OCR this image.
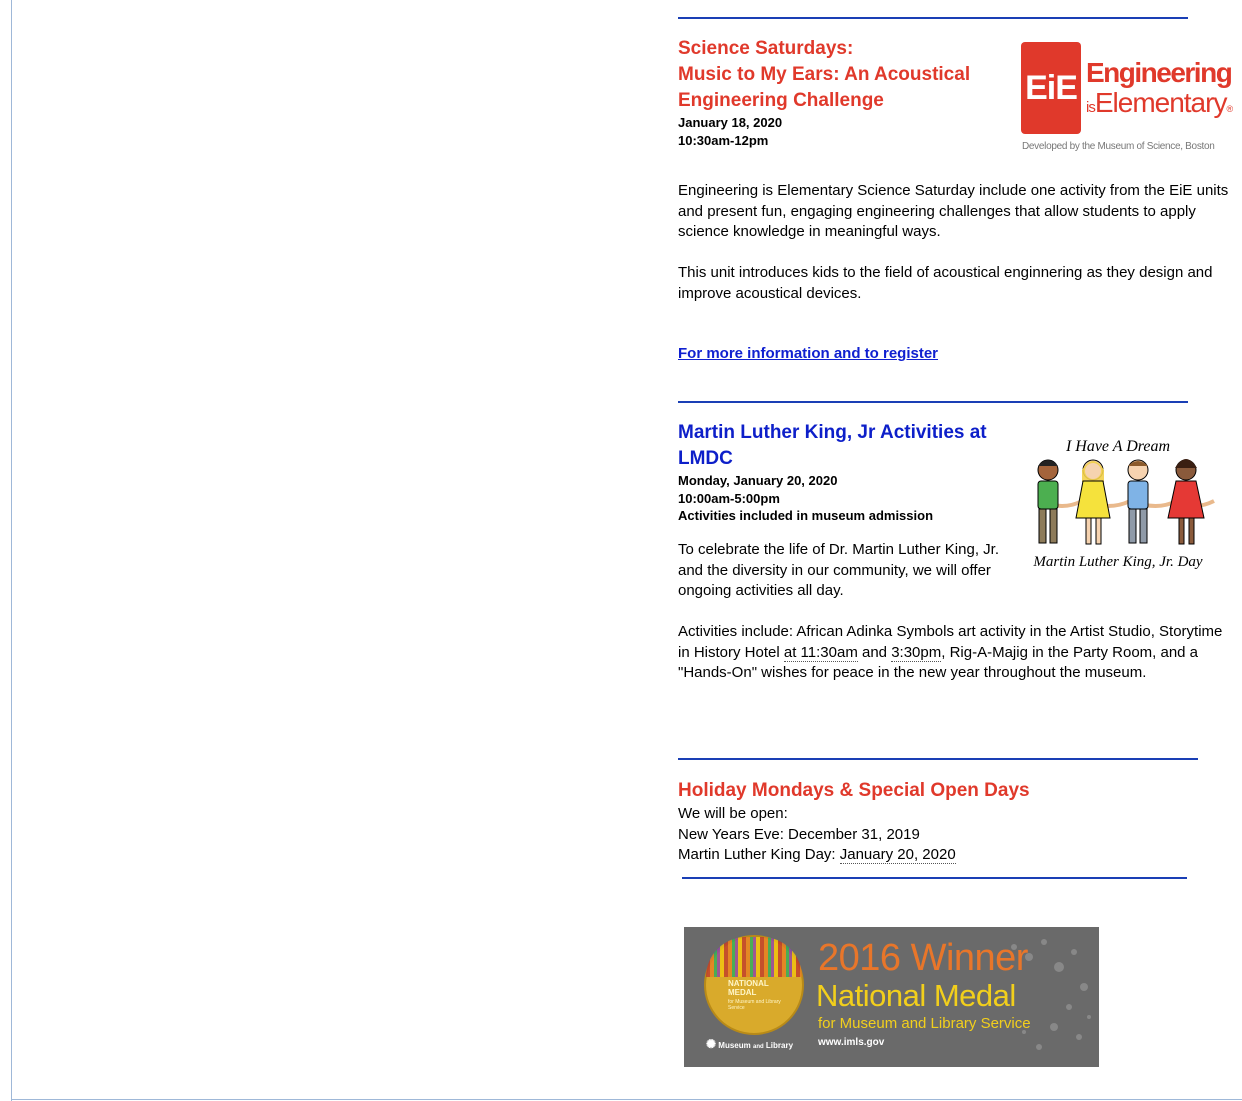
Science Saturdays:
Music to My Ears: An Acoustical
Engineering Challenge
January 18, 2020
10:30am-12pm
EiE Engineering
isElementary®
Developed by the Museum of Science, Boston
Engineering is Elementary Science Saturday include one activity from the EiE units and present fun, engaging engineering challenges that allow students to apply science knowledge in meaningful ways.
This unit introduces kids to the field of acoustical enginnering as they design and improve acoustical devices.
For more information and to register
Martin Luther King, Jr Activities at
LMDC
Monday, January 20, 2020
10:00am-5:00pm
Activities included in museum admission
I Have A Dream
Martin Luther King, Jr. Day
To celebrate the life of Dr. Martin Luther King, Jr. and the diversity in our community, we will offer ongoing activities all day.
Activities include: African Adinka Symbols art activity in the Artist Studio, Storytime in History Hotel at 11:30am and 3:30pm, Rig-A-Majig in the Party Room, and a "Hands-On" wishes for peace in the new year throughout the museum.
Holiday Mondays & Special Open Days
We will be open:
New Years Eve: December 31, 2019
Martin Luther King Day: January 20, 2020
NATIONAL MEDAL
for Museum and Library Service
✺ Museum and Library
2016 Winner
National Medal
for Museum and Library Service
www.imls.gov
